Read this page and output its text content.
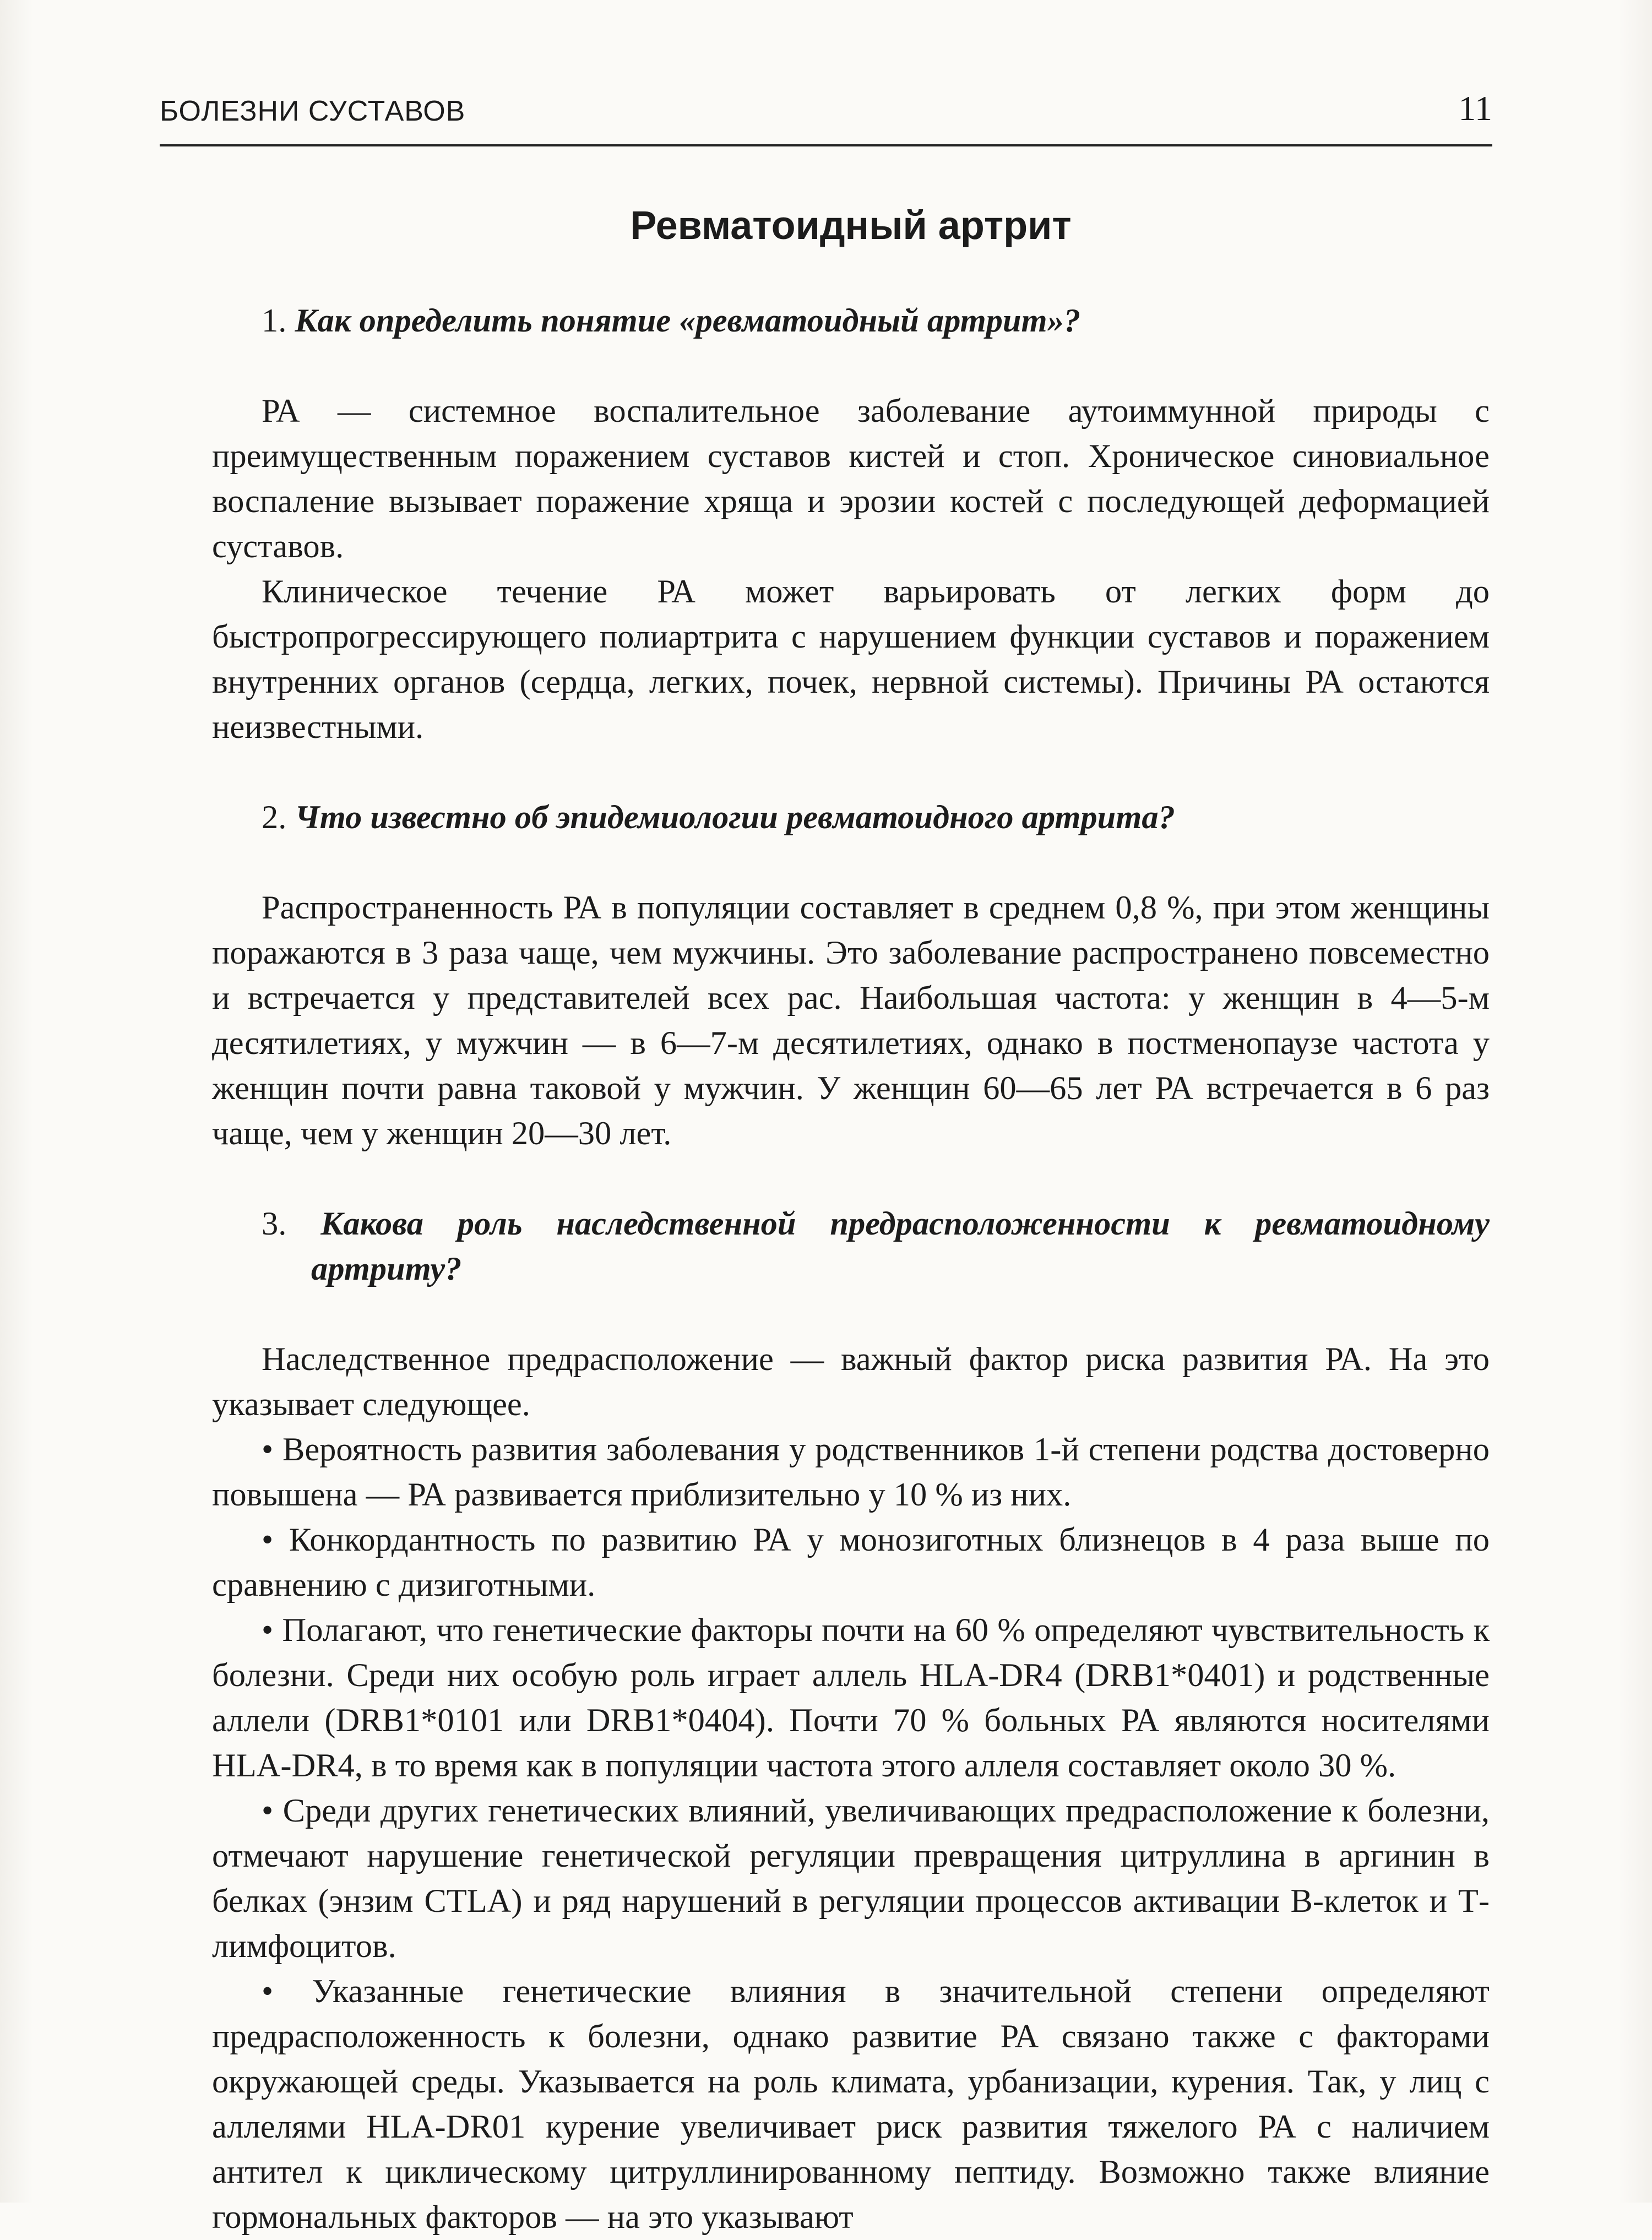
БОЛЕЗНИ СУСТАВОВ	11
Ревматоидный артрит

1. Как определить понятие «ревматоидный артрит»?

РА — системное воспалительное заболевание аутоиммунной природы с преимущественным поражением суставов кистей и стоп. Хроническое синовиальное воспаление вызывает поражение хряща и эрозии костей с последующей деформацией суставов.

Клиническое течение РА может варьировать от легких форм до быстропрогрессирующего полиартрита с нарушением функции суставов и поражением внутренних органов (сердца, легких, почек, нервной системы). Причины РА остаются неизвестными.

2. Что известно об эпидемиологии ревматоидного артрита?

Распространенность РА в популяции составляет в среднем 0,8 %, при этом женщины поражаются в 3 раза чаще, чем мужчины. Это заболевание распространено повсеместно и встречается у представителей всех рас. Наибольшая частота: у женщин в 4—5-м десятилетиях, у мужчин — в 6—7-м десятилетиях, однако в постменопаузе частота у женщин почти равна таковой у мужчин. У женщин 60—65 лет РА встречается в 6 раз чаще, чем у женщин 20—30 лет.

3. Какова роль наследственной предрасположенности к ревматоидному артриту?

Наследственное предрасположение — важный фактор риска развития РА. На это указывает следующее.

• Вероятность развития заболевания у родственников 1-й степени родства достоверно повышена — РА развивается приблизительно у 10 % из них.

• Конкордантность по развитию РА у монозиготных близнецов в 4 раза выше по сравнению с дизиготными.

• Полагают, что генетические факторы почти на 60 % определяют чувствительность к болезни. Среди них особую роль играет аллель HLA-DR4 (DRB1*0401) и родственные аллели (DRB1*0101 или DRB1*0404). Почти 70 % больных РА являются носителями HLA-DR4, в то время как в популяции частота этого аллеля составляет около 30 %.

• Среди других генетических влияний, увеличивающих предрасположение к болезни, отмечают нарушение генетической регуляции превращения цитруллина в аргинин в белках (энзим CTLA) и ряд нарушений в регуляции процессов активации В-клеток и Т-лимфоцитов.

• Указанные генетические влияния в значительной степени определяют предрасположенность к болезни, однако развитие РА связано также с факторами окружающей среды. Указывается на роль климата, урбанизации, курения. Так, у лиц с аллелями HLA-DR01 курение увеличивает риск развития тяжелого РА с наличием антител к циклическому цитруллинированному пептиду. Возможно также влияние гормональных факторов — на это указывают
